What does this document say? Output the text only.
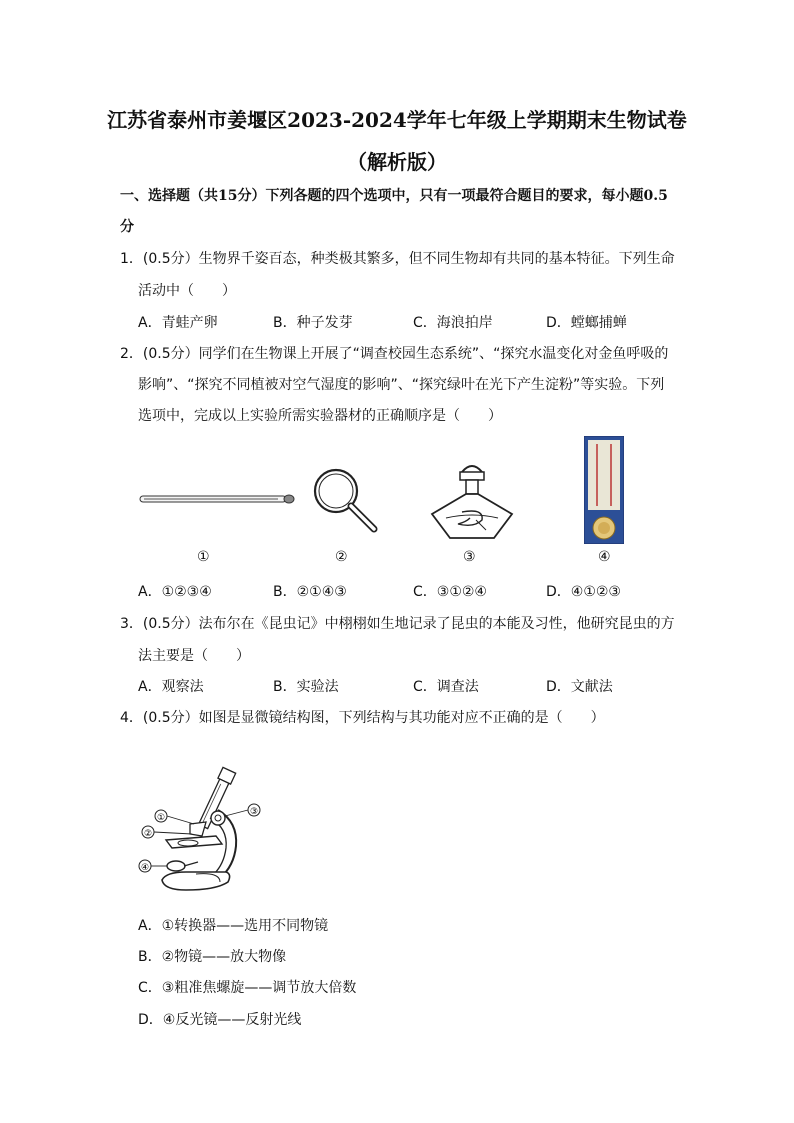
江苏省泰州市姜堰区2023-2024学年七年级上学期期末生物试卷
（解析版）
一、选择题（共15分）下列各题的四个选项中，只有一项最符合题目的要求，每小题0.5
分
1．(0.5分）生物界千姿百态，种类极其繁多，但不同生物却有共同的基本特征。下列生命
活动中（　　）
A．青蛙产卵	B．种子发芽	C．海浪拍岸	D．螳螂捕蝉
2．(0.5分）同学们在生物课上开展了“调查校园生态系统”、“探究水温变化对金鱼呼吸的
影响”、“探究不同植被对空气湿度的影响”、“探究绿叶在光下产生淀粉”等实验。下列
选项中，完成以上实验所需实验器材的正确顺序是（　　）
①	②	③	④
A．①②③④	B．②①④③	C．③①②④	D．④①②③
3．(0.5分）法布尔在《昆虫记》中栩栩如生地记录了昆虫的本能及习性，他研究昆虫的方
法主要是（　　）
A．观察法	B．实验法	C．调查法	D．文献法
4．(0.5分）如图是显微镜结构图，下列结构与其功能对应不正确的是（　　）
①
②
③
④
A．①转换器——选用不同物镜
B．②物镜——放大物像
C．③粗准焦螺旋——调节放大倍数
D．④反光镜——反射光线
